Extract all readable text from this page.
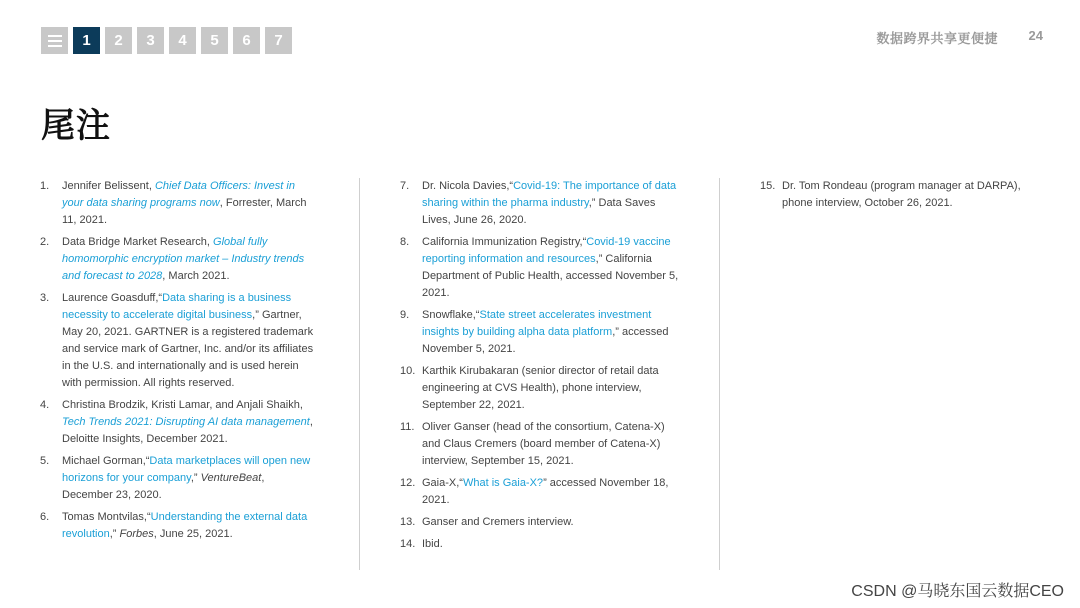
1	2	3	4	5	6	7	数据跨界共享更便捷 24
尾注
1.	Jennifer Belissent, Chief Data Officers: Invest in your data sharing programs now, Forrester, March 11, 2021.
2.	Data Bridge Market Research, Global fully homomorphic encryption market – Industry trends and forecast to 2028, March 2021.
3.	Laurence Goasduff,“Data sharing is a business necessity to accelerate digital business,” Gartner, May 20, 2021. GARTNER is a registered trademark and service mark of Gartner, Inc. and/or its affiliates in the U.S. and internationally and is used herein with permission. All rights reserved.
4.	Christina Brodzik, Kristi Lamar, and Anjali Shaikh, Tech Trends 2021: Disrupting AI data management, Deloitte Insights, December 2021.
5.	Michael Gorman,“Data marketplaces will open new horizons for your company,” VentureBeat, December 23, 2020.
6.	Tomas Montvilas,“Understanding the external data revolution,” Forbes, June 25, 2021.
7.	Dr. Nicola Davies,“Covid-19: The importance of data sharing within the pharma industry,” Data Saves Lives, June 26, 2020.
8.	California Immunization Registry,“Covid-19 vaccine reporting information and resources,” California Department of Public Health, accessed November 5, 2021.
9.	Snowflake,“State street accelerates investment insights by building alpha data platform,” accessed November 5, 2021.
10. Karthik Kirubakaran (senior director of retail data engineering at CVS Health), phone interview, September 22, 2021.
11. Oliver Ganser (head of the consortium, Catena-X) and Claus Cremers (board member of Catena-X) interview, September 15, 2021.
12. Gaia-X,“What is Gaia-X?” accessed November 18, 2021.
13. Ganser and Cremers interview.
14. Ibid.
15. Dr. Tom Rondeau (program manager at DARPA), phone interview, October 26, 2021.
CSDN @马晓东国云数据CEO
